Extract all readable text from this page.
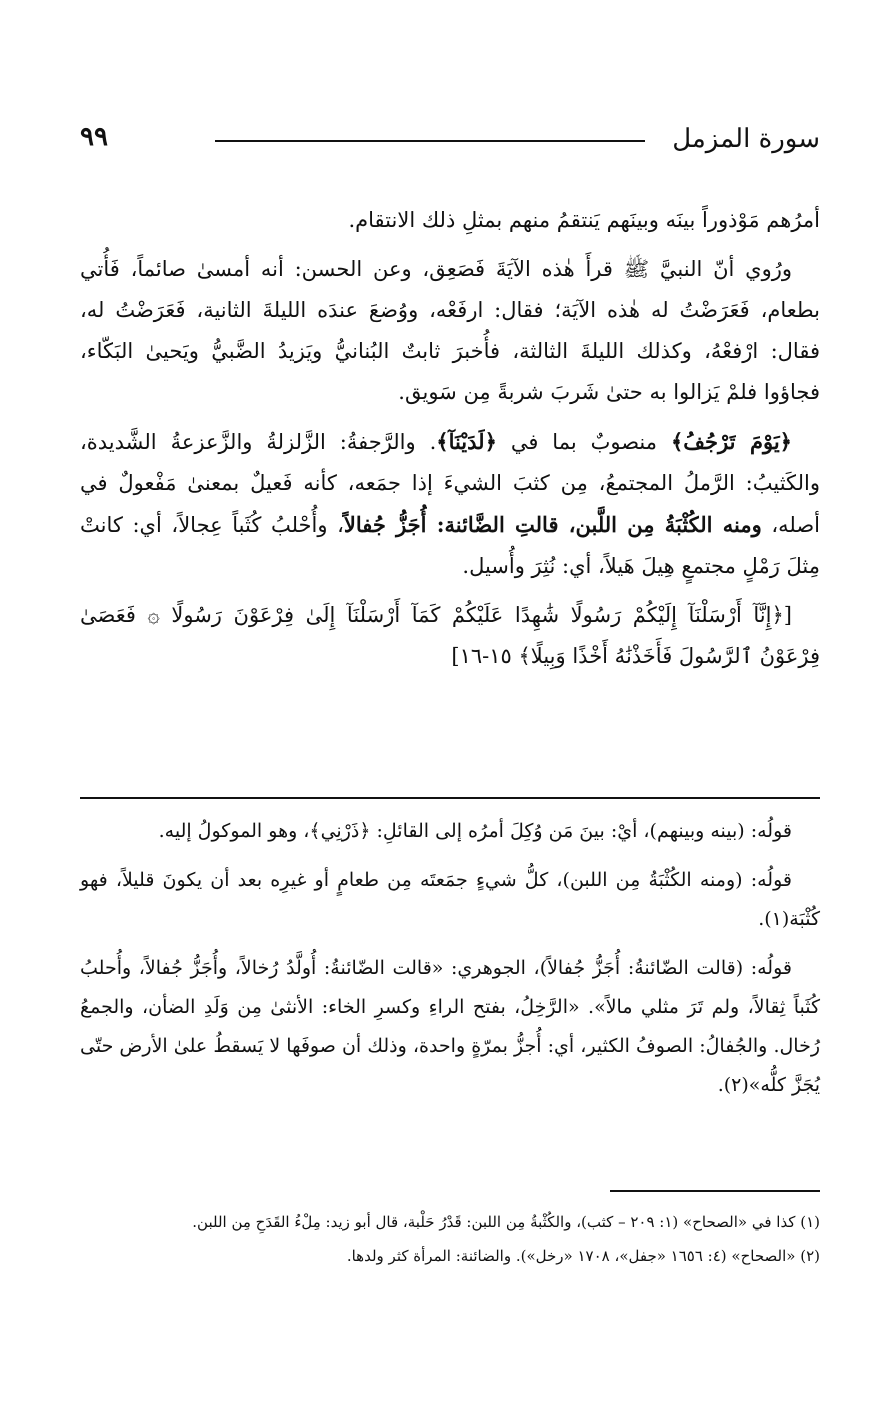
٩٩	سورة المزمل

أمرُهم مَوْذوراً بينَه وبينَهم يَنتقمُ منهم بمثلِ ذلك الانتقام.

ورُوي أنّ النبيَّ ﷺ قرأَ هٰذه الآيَةَ فَصَعِق، وعن الحسن: أنه أمسىٰ صائماً، فَأُتي بطعام، فَعَرَضْتُ له هٰذه الآيَة؛ فقال: ارفَعْه، ووُضعَ عندَه الليلةَ الثانية، فَعَرَضْتُ له، فقال: ارْفعْهُ، وكذلك الليلةَ الثالثة، فأُخبرَ ثابتٌ البُنانيُّ ويَزيدُ الضَّبيُّ ويَحيىٰ البَكّاء، فجاؤوا فلمْ يَزالوا به حتىٰ شَربَ شربةً مِن سَويق.

﴿يَوْمَ تَرْجُفُ﴾ منصوبٌ بما في ﴿لَدَيْنَآ﴾. والرَّجفةُ: الزَّلزلةُ والزَّعزعةُ الشَّديدة، والكَثيبُ: الرَّملُ المجتمعُ، مِن كثبَ الشيءَ إذا جمَعه، كأنه فَعيلٌ بمعنىٰ مَفْعولٌ في أصله، ومنه الكُثْبَةُ مِن اللَّبن، قالتِ الضَّائنة: أُجَزُّ جُفالاً، وأُحْلبُ كُثَباً عِجالاً، أي: كانتْ مِثلَ رَمْلٍ مجتمعٍ هِيلَ هَيلاً، أي: نُثِرَ وأُسيل.

[﴿إِنَّآ أَرْسَلْنَآ إِلَيْكُمْ رَسُولًا شَٰهِدًا عَلَيْكُمْ كَمَآ أَرْسَلْنَآ إِلَىٰ فِرْعَوْنَ رَسُولًا ۞ فَعَصَىٰ فِرْعَوْنُ ٱلرَّسُولَ فَأَخَذْنَٰهُ أَخْذًا وَبِيلًا﴾ ١٥-١٦]

قولُه: (بينه وبينهم)، أيْ: بينَ مَن وُكِلَ أمرُه إلى القائلِ: ﴿ذَرْنِي﴾، وهو الموكولُ إليه.

قولُه: (ومنه الكُثْبَةُ مِن اللبن)، كلُّ شيءٍ جمَعتَه مِن طعامٍ أو غيرِه بعد أن يكونَ قليلاً، فهو كُثْبَة(١).

قولُه: (قالت الضّائنةُ: أُجَزُّ جُفالاً)، الجوهري: «قالت الضّائنةُ: أُولَّدُ رُخالاً، وأُجَزُّ جُفالاً، وأُحلبُ كُثَباً ثِقالاً، ولم تَرَ مثلي مالاً». «الرَّخِلُ، بفتح الراءِ وكسرِ الخاء: الأنثىٰ مِن وَلَدِ الضأن، والجمعُ رُخال. والجُفالُ: الصوفُ الكثير، أي: أُجزُّ بمرّةٍ واحدة، وذلك أن صوفَها لا يَسقطُ علىٰ الأرض حتّى يُجَزَّ كلُّه»(٢).

(١) كذا في «الصحاح» (١: ٢٠٩ – كثب)، والكُثْبةُ مِن اللبن: قَدْرُ حَلْبة، قال أبو زيد: مِلْءُ القَدَحِ مِن اللبن.

(٢) «الصحاح» (٤: ١٦٥٦ «جفل»، ١٧٠٨ «رخل»). والضائنة: المرأة كثر ولدها.
